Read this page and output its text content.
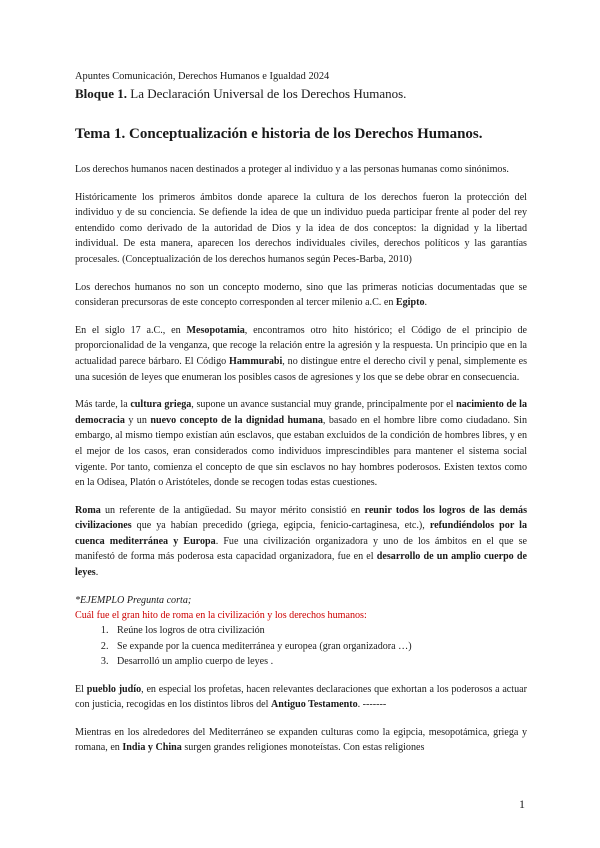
Apuntes Comunicación, Derechos Humanos e Igualdad 2024

Bloque 1. La Declaración Universal de los Derechos Humanos.

Tema 1. Conceptualización e historia de los Derechos Humanos.

Los derechos humanos nacen destinados a proteger al individuo y a las personas humanas como sinónimos.

Históricamente los primeros ámbitos donde aparece la cultura de los derechos fueron la protección del individuo y de su conciencia. Se defiende la idea de que un individuo pueda participar frente al poder del rey entendido como derivado de la autoridad de Dios y la idea de dos conceptos: la dignidad y la libertad individual. De esta manera, aparecen los derechos individuales civiles, derechos políticos y las garantías procesales. (Conceptualización de los derechos humanos según Peces-Barba, 2010)

Los derechos humanos no son un concepto moderno, sino que las primeras noticias documentadas que se consideran precursoras de este concepto corresponden al tercer milenio a.C. en Egipto.

En el siglo 17 a.C., en Mesopotamia, encontramos otro hito histórico; el Código de el principio de proporcionalidad de la venganza, que recoge la relación entre la agresión y la respuesta. Un principio que en la actualidad parece bárbaro. El Código Hammurabi, no distingue entre el derecho civil y penal, simplemente es una sucesión de leyes que enumeran los posibles casos de agresiones y los que se debe obrar en consecuencia.

Más tarde, la cultura griega, supone un avance sustancial muy grande, principalmente por el nacimiento de la democracia y un nuevo concepto de la dignidad humana, basado en el hombre libre como ciudadano. Sin embargo, al mismo tiempo existían aún esclavos, que estaban excluidos de la condición de hombres libres, y en el mejor de los casos, eran considerados como individuos imprescindibles para mantener el sistema social vigente. Por tanto, comienza el concepto de que sin esclavos no hay hombres poderosos. Existen textos como en la Odisea, Platón o Aristóteles, donde se recogen todas estas cuestiones.

Roma un referente de la antigüedad. Su mayor mérito consistió en reunir todos los logros de las demás civilizaciones que ya habían precedido (griega, egipcia, fenicio-cartaginesa, etc.), refundiéndolos por la cuenca mediterránea y Europa. Fue una civilización organizadora y uno de los ámbitos en el que se manifestó de forma más poderosa esta capacidad organizadora, fue en el desarrollo de un amplio cuerpo de leyes.

*EJEMPLO Pregunta corta;

Cuál fue el gran hito de roma en la civilización y los derechos humanos:

1. Reúne los logros de otra civilización
2. Se expande por la cuenca mediterránea y europea (gran organizadora …)
3. Desarrolló un amplio cuerpo de leyes .

El pueblo judío, en especial los profetas, hacen relevantes declaraciones que exhortan a los poderosos a actuar con justicia, recogidas en los distintos libros del Antiguo Testamento. -------

Mientras en los alrededores del Mediterráneo se expanden culturas como la egipcia, mesopotámica, griega y romana, en India y China surgen grandes religiones monoteístas. Con estas religiones

1
